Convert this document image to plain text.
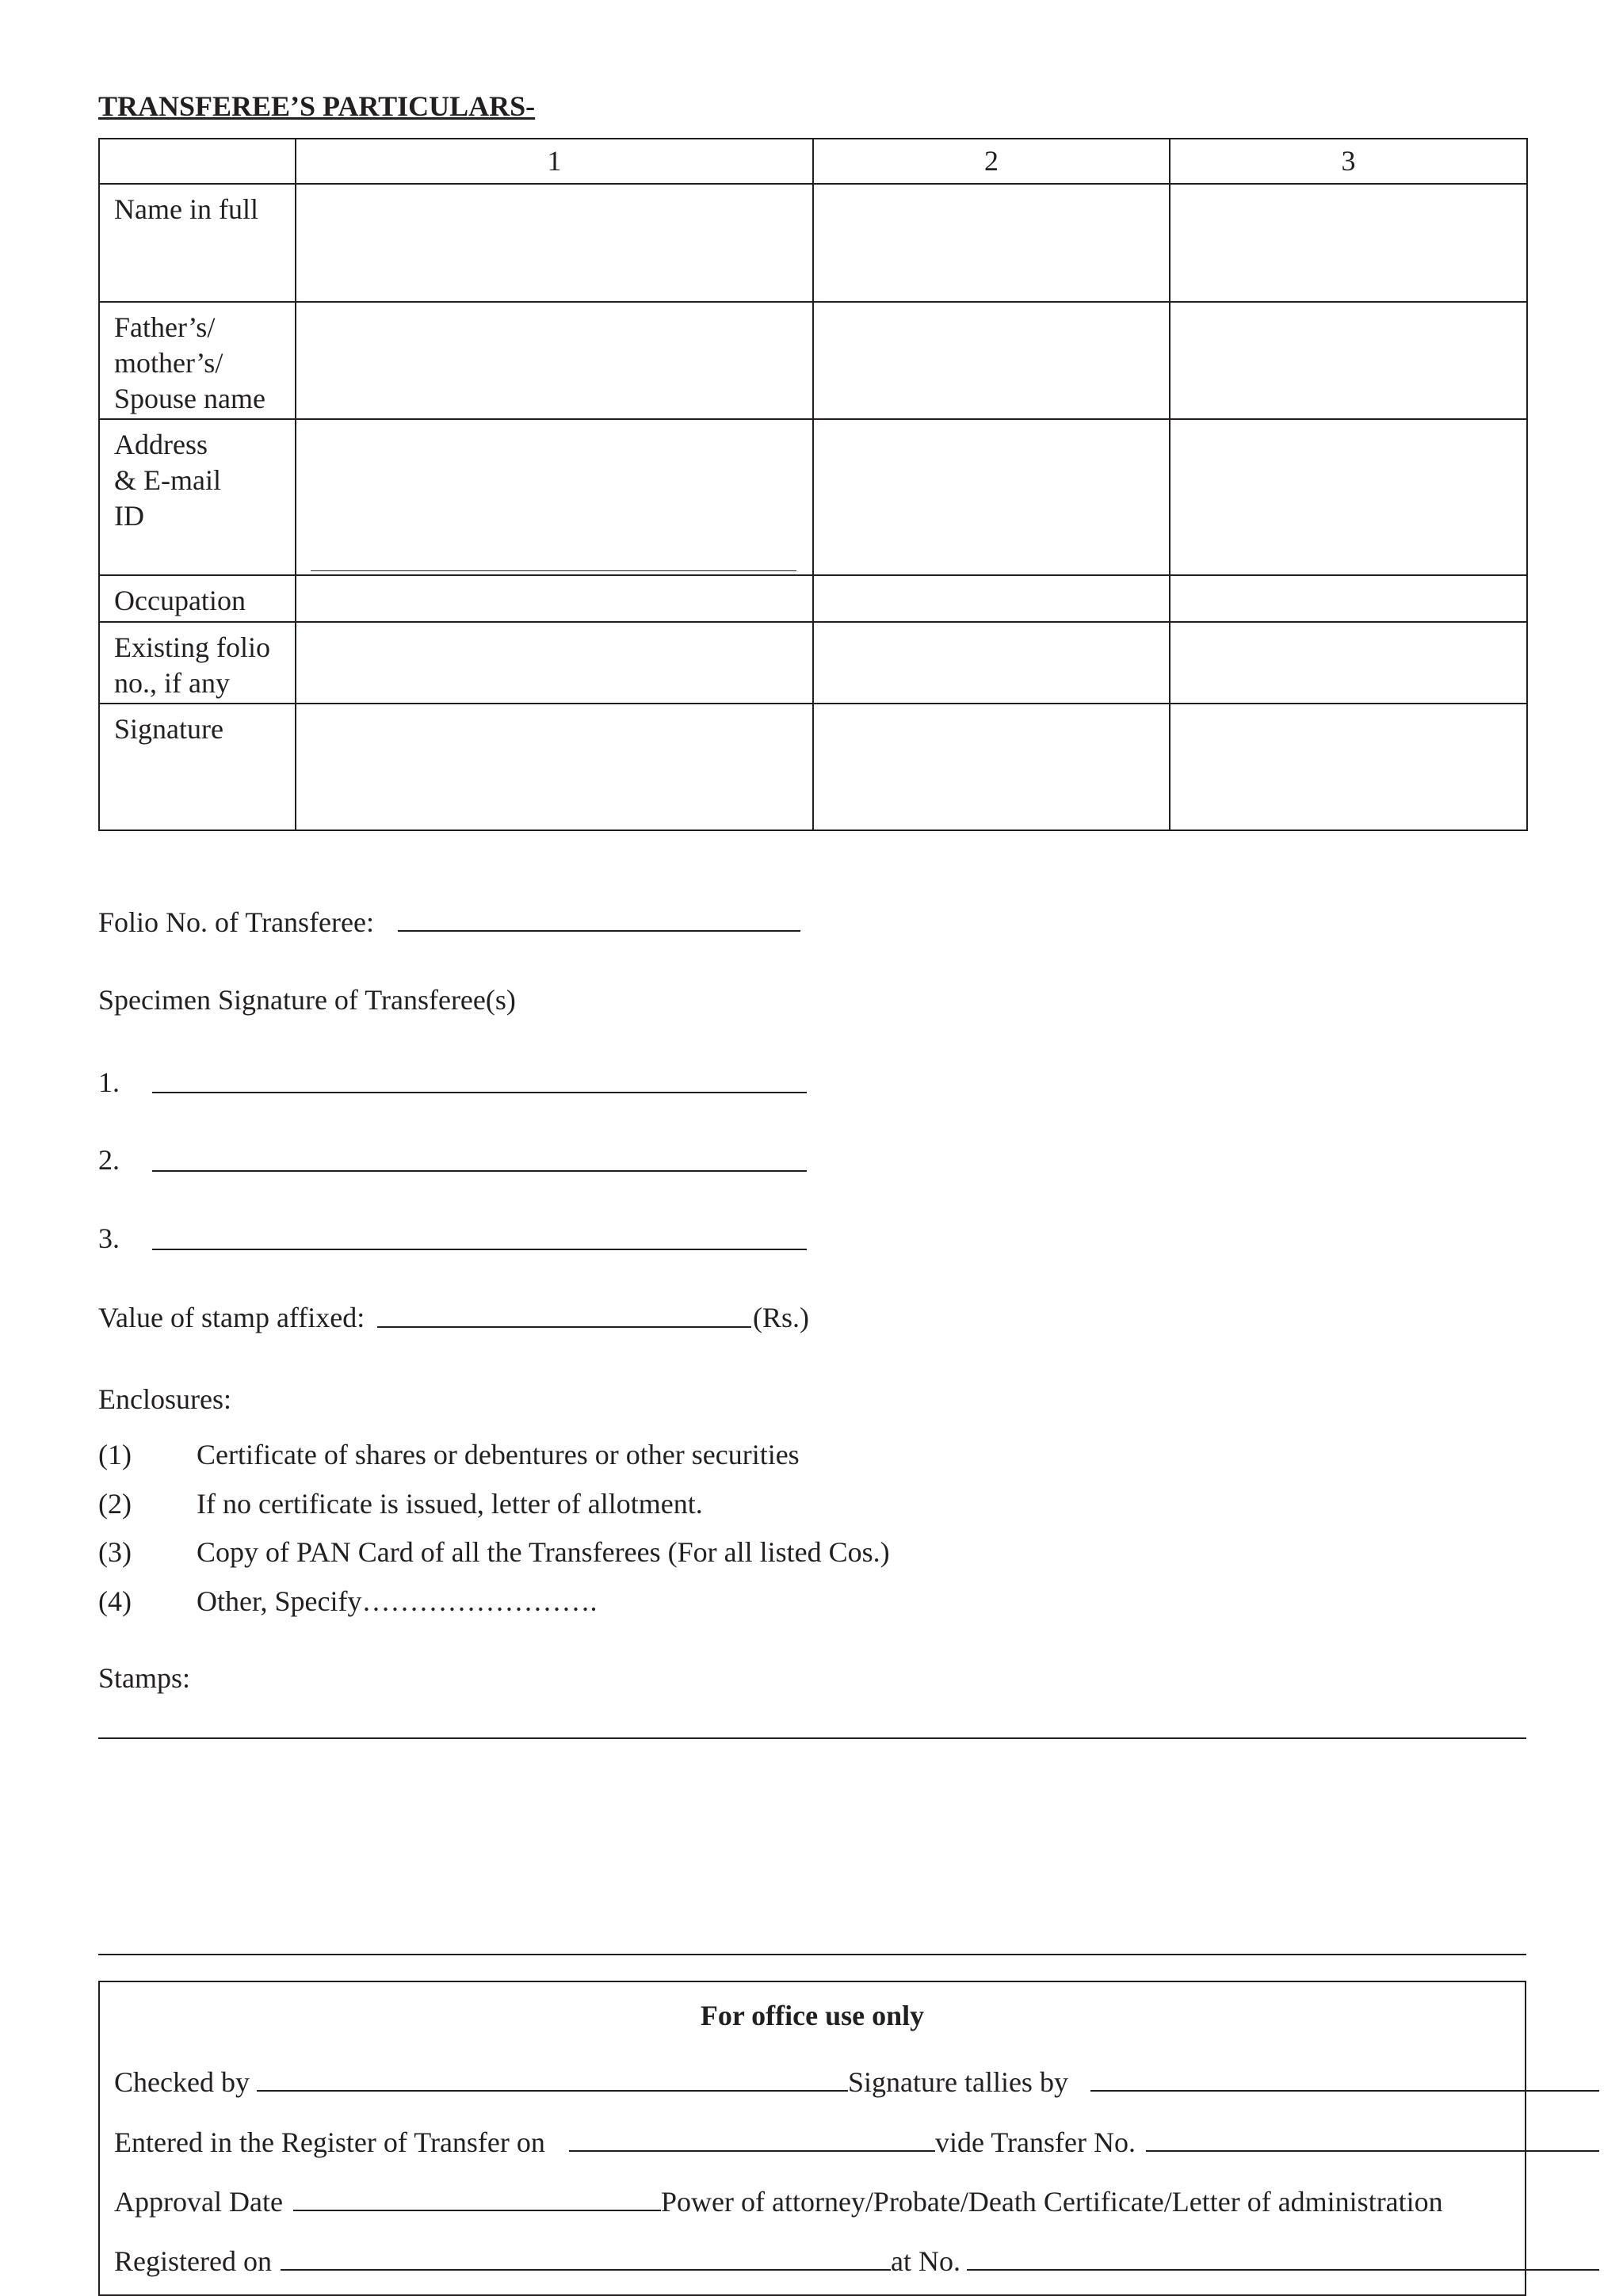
TRANSFEREE’S PARTICULARS-
	1	2	3

Name in full			

Father’s/
mother’s/
Spouse name			

Address
& E-mail
ID			

Occupation			

Existing folio
no., if any			

Signature			

Folio No. of Transferee:
Specimen Signature of Transferee(s)
1.
2.
3.
Value of stamp affixed:	(Rs.)
Enclosures:
(1) Certificate of shares or debentures or other securities
(2) If no certificate is issued, letter of allotment.
(3) Copy of PAN Card of all the Transferees (For all listed Cos.)
(4) Other, Specify…………………….
Stamps:
For office use only
Checked by	Signature tallies by
Entered in the Register of Transfer on	vide Transfer No.
Approval Date	Power of attorney/Probate/Death Certificate/Letter of administration
Registered on	at No.
